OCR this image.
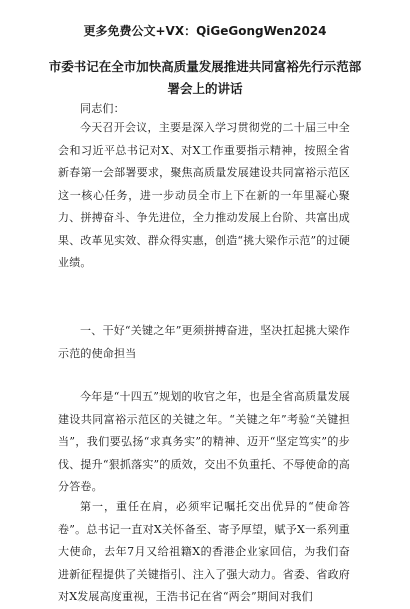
更多免费公文+VX：QiGeGongWen2024
市委书记在全市加快高质量发展推进共同富裕先行示范部
署会上的讲话
同志们：
今天召开会议，主要是深入学习贯彻党的二十届三中全会和习近平总书记对X、对X工作重要指示精神，按照全省新春第一会部署要求，聚焦高质量发展建设共同富裕示范区这一核心任务，进一步动员全市上下在新的一年里凝心聚力、拼搏奋斗、争先进位，全力推动发展上台阶、共富出成果、改革见实效、群众得实惠，创造“挑大梁作示范”的过硬业绩。
一、干好“关键之年”更须拼搏奋进，坚决扛起挑大梁作示范的使命担当
今年是“十四五”规划的收官之年，也是全省高质量发展建设共同富裕示范区的关键之年。“关键之年”考验“关键担当”，我们要弘扬“求真务实”的精神、迈开“坚定笃实”的步伐、提升“狠抓落实”的质效，交出不负重托、不辱使命的高分答卷。
第一，重任在肩，必须牢记嘱托交出优异的“使命答卷”。总书记一直对X关怀备至、寄予厚望，赋予X一系列重大使命，去年7月又给祖籍X的香港企业家回信，为我们奋进新征程提供了关键指引、注入了强大动力。省委、省政府对X发展高度重视，王浩书记在省“两会”期间对我们
